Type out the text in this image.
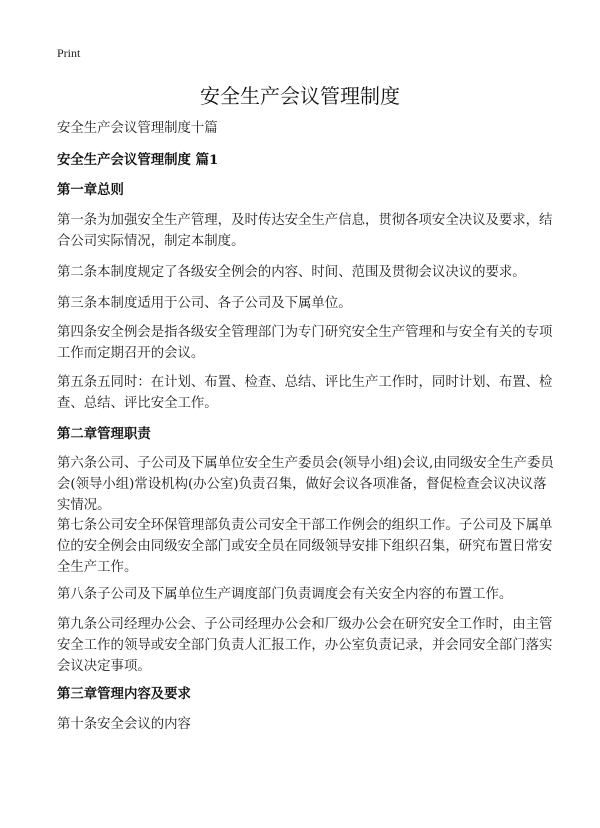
Print
安全生产会议管理制度

安全生产会议管理制度十篇

安全生产会议管理制度 篇1

第一章总则

第一条为加强安全生产管理，及时传达安全生产信息，贯彻各项安全决议及要求，结合公司实际情况，制定本制度。

第二条本制度规定了各级安全例会的内容、时间、范围及贯彻会议决议的要求。

第三条本制度适用于公司、各子公司及下属单位。

第四条安全例会是指各级安全管理部门为专门研究安全生产管理和与安全有关的专项工作而定期召开的会议。

第五条五同时：在计划、布置、检查、总结、评比生产工作时，同时计划、布置、检查、总结、评比安全工作。

第二章管理职责

第六条公司、子公司及下属单位安全生产委员会(领导小组)会议,由同级安全生产委员会(领导小组)常设机构(办公室)负责召集，做好会议各项准备，督促检查会议决议落实情况。

第七条公司安全环保管理部负责公司安全干部工作例会的组织工作。子公司及下属单位的安全例会由同级安全部门或安全员在同级领导安排下组织召集，研究布置日常安全生产工作。

第八条子公司及下属单位生产调度部门负责调度会有关安全内容的布置工作。

第九条公司经理办公会、子公司经理办公会和厂级办公会在研究安全工作时，由主管安全工作的领导或安全部门负责人汇报工作，办公室负责记录，并会同安全部门落实会议决定事项。

第三章管理内容及要求

第十条安全会议的内容
